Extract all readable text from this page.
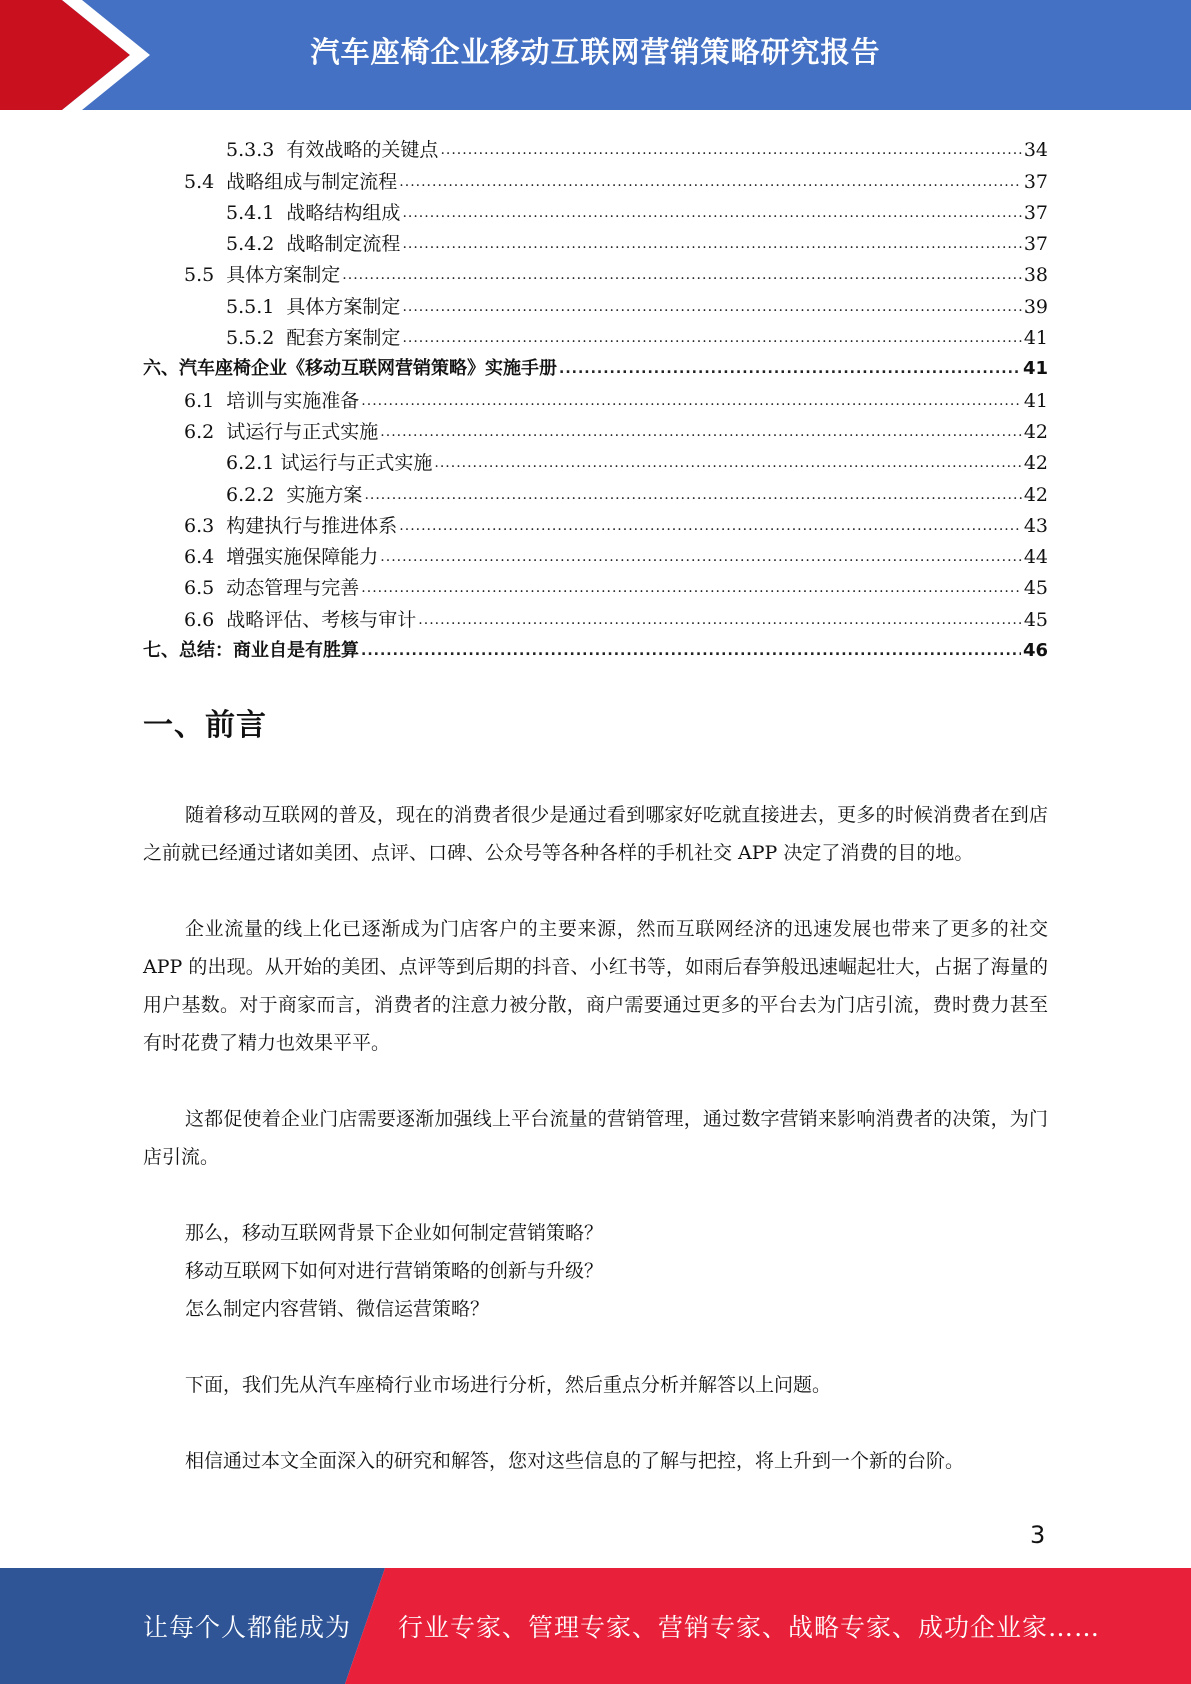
汽车座椅企业移动互联网营销策略研究报告
5.3.3  有效战略的关键点 .....	34
5.4  战略组成与制定流程 .....	37
5.4.1  战略结构组成 .....	37
5.4.2  战略制定流程 .....	37
5.5  具体方案制定 .....	38
5.5.1  具体方案制定 .....	39
5.5.2  配套方案制定 .....	41
六、汽车座椅企业《移动互联网营销策略》实施手册 .....	41
6.1  培训与实施准备 .....	41
6.2  试运行与正式实施 .....	42
6.2.1 试运行与正式实施 .....	42
6.2.2  实施方案 .....	42
6.3  构建执行与推进体系 .....	43
6.4  增强实施保障能力 .....	44
6.5  动态管理与完善 .....	45
6.6  战略评估、考核与审计 .....	45
七、总结：商业自是有胜算 .....	46
一、前言

随着移动互联网的普及，现在的消费者很少是通过看到哪家好吃就直接进去，更多的时候消费者在到店之前就已经通过诸如美团、点评、口碑、公众号等各种各样的手机社交 APP 决定了消费的目的地。

企业流量的线上化已逐渐成为门店客户的主要来源，然而互联网经济的迅速发展也带来了更多的社交 APP 的出现。从开始的美团、点评等到后期的抖音、小红书等，如雨后春笋般迅速崛起壮大，占据了海量的用户基数。对于商家而言，消费者的注意力被分散，商户需要通过更多的平台去为门店引流，费时费力甚至有时花费了精力也效果平平。

这都促使着企业门店需要逐渐加强线上平台流量的营销管理，通过数字营销来影响消费者的决策，为门店引流。

那么，移动互联网背景下企业如何制定营销策略？
移动互联网下如何对进行营销策略的创新与升级？
怎么制定内容营销、微信运营策略？

下面，我们先从汽车座椅行业市场进行分析，然后重点分析并解答以上问题。

相信通过本文全面深入的研究和解答，您对这些信息的了解与把控，将上升到一个新的台阶。

3
让每个人都能成为 行业专家、管理专家、营销专家、战略专家、成功企业家……
